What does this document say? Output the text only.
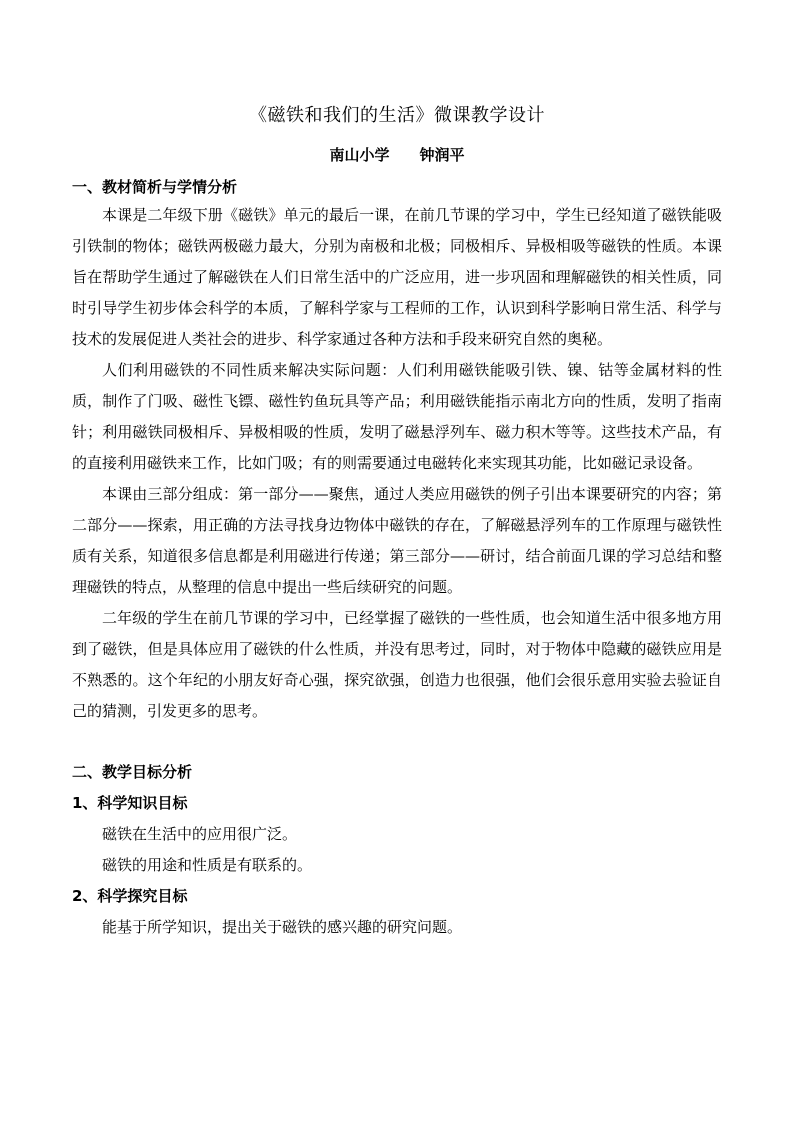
《磁铁和我们的生活》微课教学设计
南山小学 钟润平

一、教材简析与学情分析

本课是二年级下册《磁铁》单元的最后一课，在前几节课的学习中，学生已经知道了磁铁能吸引铁制的物体；磁铁两极磁力最大，分别为南极和北极；同极相斥、异极相吸等磁铁的性质。本课旨在帮助学生通过了解磁铁在人们日常生活中的广泛应用，进一步巩固和理解磁铁的相关性质，同时引导学生初步体会科学的本质，了解科学家与工程师的工作，认识到科学影响日常生活、科学与技术的发展促进人类社会的进步、科学家通过各种方法和手段来研究自然的奥秘。

人们利用磁铁的不同性质来解决实际问题：人们利用磁铁能吸引铁、镍、钴等金属材料的性质，制作了门吸、磁性飞镖、磁性钓鱼玩具等产品；利用磁铁能指示南北方向的性质，发明了指南针；利用磁铁同极相斥、异极相吸的性质，发明了磁悬浮列车、磁力积木等等。这些技术产品，有的直接利用磁铁来工作，比如门吸；有的则需要通过电磁转化来实现其功能，比如磁记录设备。

本课由三部分组成：第一部分——聚焦，通过人类应用磁铁的例子引出本课要研究的内容；第二部分——探索，用正确的方法寻找身边物体中磁铁的存在，了解磁悬浮列车的工作原理与磁铁性质有关系，知道很多信息都是利用磁进行传递；第三部分——研讨，结合前面几课的学习总结和整理磁铁的特点，从整理的信息中提出一些后续研究的问题。

二年级的学生在前几节课的学习中，已经掌握了磁铁的一些性质，也会知道生活中很多地方用到了磁铁，但是具体应用了磁铁的什么性质，并没有思考过，同时，对于物体中隐藏的磁铁应用是不熟悉的。这个年纪的小朋友好奇心强，探究欲强，创造力也很强，他们会很乐意用实验去验证自己的猜测，引发更多的思考。

二、教学目标分析

1、科学知识目标

磁铁在生活中的应用很广泛。

磁铁的用途和性质是有联系的。

2、科学探究目标

能基于所学知识，提出关于磁铁的感兴趣的研究问题。
